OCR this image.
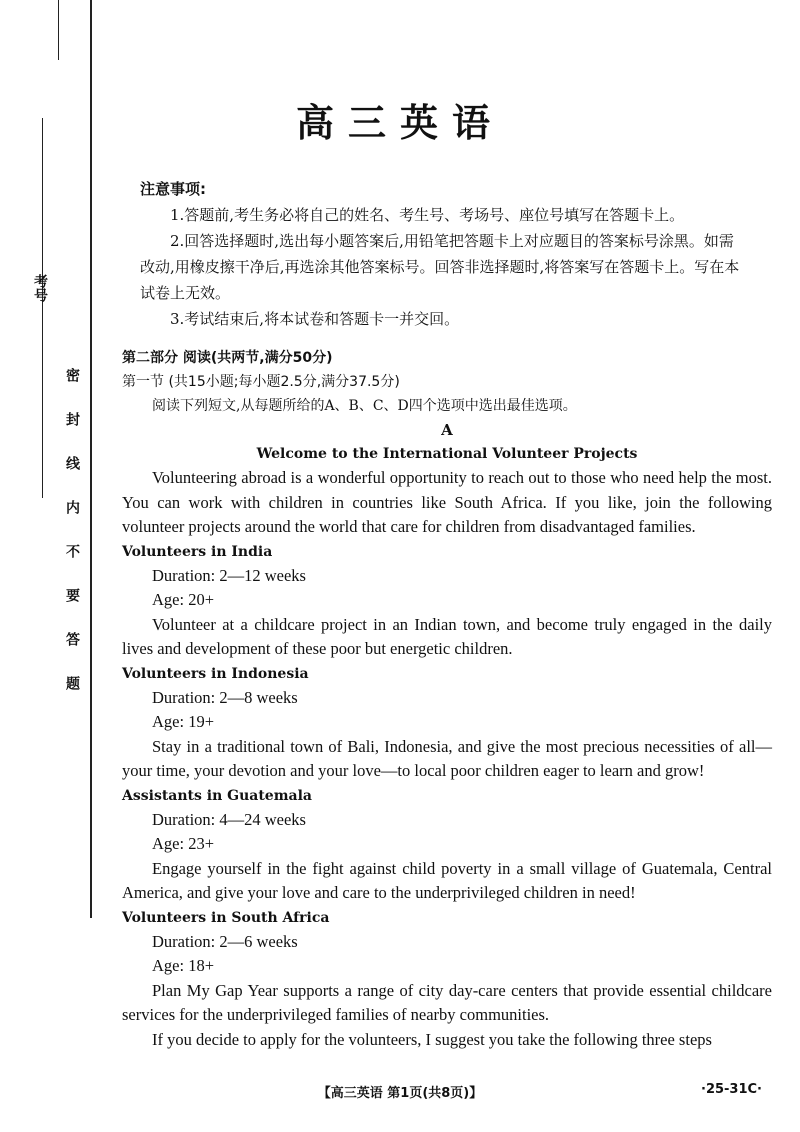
考号
密封线内不要答题
高三英语

注意事项:

1.答题前,考生务必将自己的姓名、考生号、考场号、座位号填写在答题卡上。

2.回答选择题时,选出每小题答案后,用铅笔把答题卡上对应题目的答案标号涂黑。如需改动,用橡皮擦干净后,再选涂其他答案标号。回答非选择题时,将答案写在答题卡上。写在本试卷上无效。

3.考试结束后,将本试卷和答题卡一并交回。

第二部分 阅读(共两节,满分50分)

第一节 (共15小题;每小题2.5分,满分37.5分)

阅读下列短文,从每题所给的A、B、C、D四个选项中选出最佳选项。

A

Welcome to the International Volunteer Projects

Volunteering abroad is a wonderful opportunity to reach out to those who need help the most. You can work with children in countries like South Africa. If you like, join the following volunteer projects around the world that care for children from disadvantaged families.

Volunteers in India

Duration: 2—12 weeks

Age: 20+

Volunteer at a childcare project in an Indian town, and become truly engaged in the daily lives and development of these poor but energetic children.

Volunteers in Indonesia

Duration: 2—8 weeks

Age: 19+

Stay in a traditional town of Bali, Indonesia, and give the most precious necessities of all—your time, your devotion and your love—to local poor children eager to learn and grow!

Assistants in Guatemala

Duration: 4—24 weeks

Age: 23+

Engage yourself in the fight against child poverty in a small village of Guatemala, Central America, and give your love and care to the underprivileged children in need!

Volunteers in South Africa

Duration: 2—6 weeks

Age: 18+

Plan My Gap Year supports a range of city day-care centers that provide essential childcare services for the underprivileged families of nearby communities.

If you decide to apply for the volunteers, I suggest you take the following three steps

【高三英语 第1页(共8页)】	·25-31C·
